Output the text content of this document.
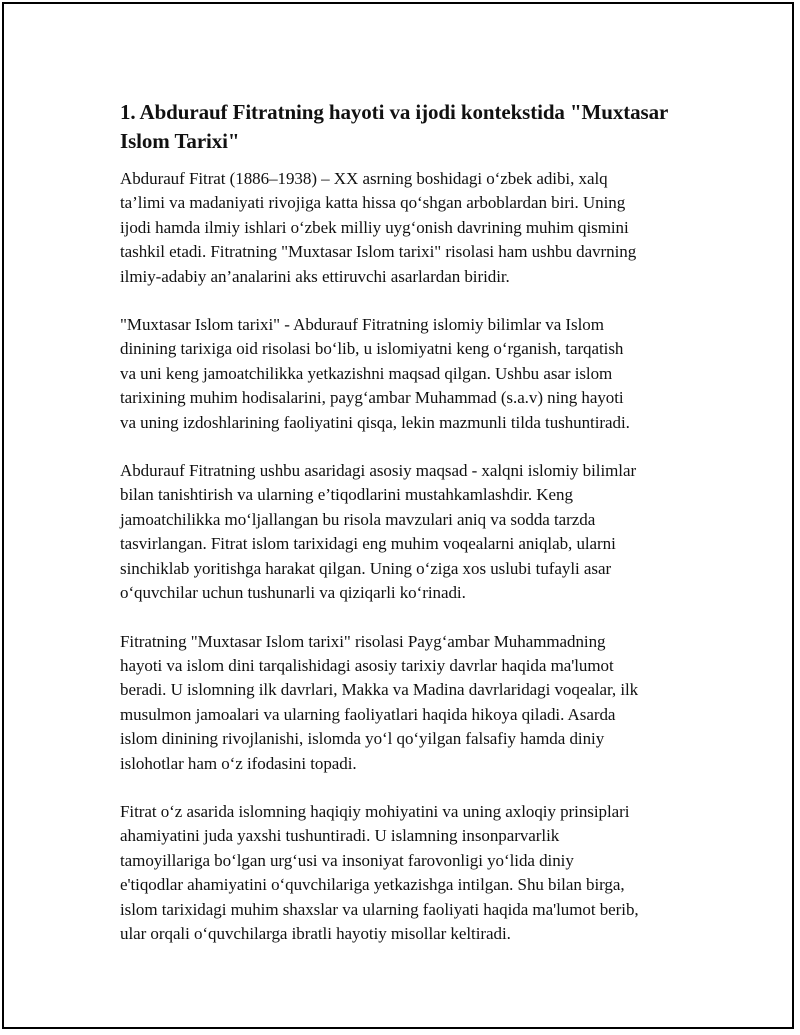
1. Abdurauf Fitratning hayoti va ijodi kontekstida "Muxtasar
Islom Tarixi"

Abdurauf Fitrat (1886–1938) – XX asrning boshidagi o‘zbek adibi, xalq
ta’limi va madaniyati rivojiga katta hissa qo‘shgan arboblardan biri. Uning
ijodi hamda ilmiy ishlari o‘zbek milliy uyg‘onish davrining muhim qismini
tashkil etadi. Fitratning "Muxtasar Islom tarixi" risolasi ham ushbu davrning
ilmiy-adabiy an’analarini aks ettiruvchi asarlardan biridir.

"Muxtasar Islom tarixi" - Abdurauf Fitratning islomiy bilimlar va Islom
dinining tarixiga oid risolasi bo‘lib, u islomiyatni keng o‘rganish, tarqatish
va uni keng jamoatchilikka yetkazishni maqsad qilgan. Ushbu asar islom
tarixining muhim hodisalarini, payg‘ambar Muhammad (s.a.v) ning hayoti
va uning izdoshlarining faoliyatini qisqa, lekin mazmunli tilda tushuntiradi.

Abdurauf Fitratning ushbu asaridagi asosiy maqsad - xalqni islomiy bilimlar
bilan tanishtirish va ularning e’tiqodlarini mustahkamlashdir. Keng
jamoatchilikka mo‘ljallangan bu risola mavzulari aniq va sodda tarzda
tasvirlangan. Fitrat islom tarixidagi eng muhim voqealarni aniqlab, ularni
sinchiklab yoritishga harakat qilgan. Uning o‘ziga xos uslubi tufayli asar
o‘quvchilar uchun tushunarli va qiziqarli ko‘rinadi.

Fitratning "Muxtasar Islom tarixi" risolasi Payg‘ambar Muhammadning
hayoti va islom dini tarqalishidagi asosiy tarixiy davrlar haqida ma'lumot
beradi. U islomning ilk davrlari, Makka va Madina davrlaridagi voqealar, ilk
musulmon jamoalari va ularning faoliyatlari haqida hikoya qiladi. Asarda
islom dinining rivojlanishi, islomda yo‘l qo‘yilgan falsafiy hamda diniy
islohotlar ham o‘z ifodasini topadi.

Fitrat o‘z asarida islomning haqiqiy mohiyatini va uning axloqiy prinsiplari
ahamiyatini juda yaxshi tushuntiradi. U islamning insonparvarlik
tamoyillariga bo‘lgan urg‘usi va insoniyat farovonligi yo‘lida diniy
e'tiqodlar ahamiyatini o‘quvchilariga yetkazishga intilgan. Shu bilan birga,
islom tarixidagi muhim shaxslar va ularning faoliyati haqida ma'lumot berib,
ular orqali o‘quvchilarga ibratli hayotiy misollar keltiradi.
